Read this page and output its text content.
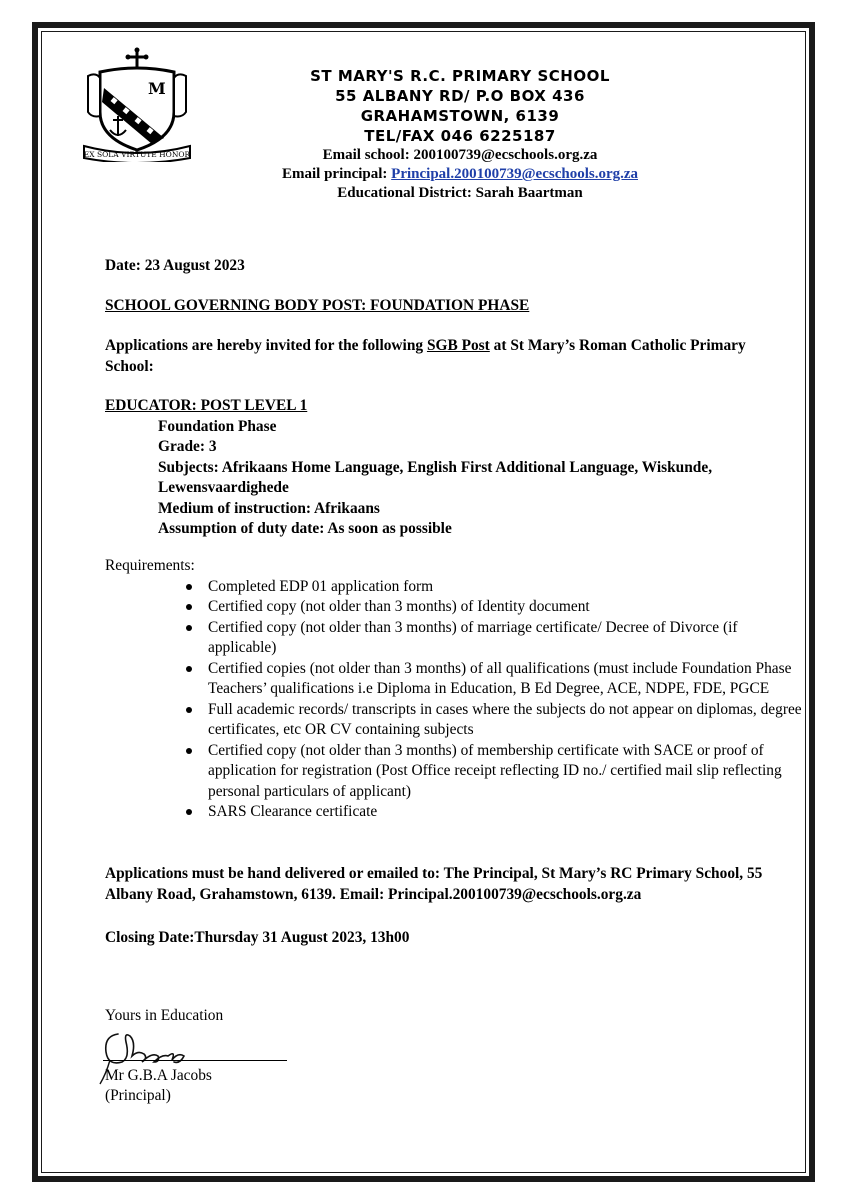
M
EX SOLA VIRTUTE HONOR
ST MARY'S R.C. PRIMARY SCHOOL
55 ALBANY RD/ P.O BOX 436
GRAHAMSTOWN, 6139
TEL/FAX 046 6225187
Email school: 200100739@ecschools.org.za
Email principal: Principal.200100739@ecschools.org.za
Educational District: Sarah Baartman
Date: 23 August 2023
SCHOOL GOVERNING BODY POST: FOUNDATION PHASE
Applications are hereby invited for the following SGB Post at St Mary’s Roman Catholic Primary School:
EDUCATOR: POST LEVEL 1
Foundation Phase
Grade: 3
Subjects: Afrikaans Home Language, English First Additional Language, Wiskunde, Lewensvaardighede
Medium of instruction: Afrikaans
Assumption of duty date: As soon as possible
Requirements:
Completed EDP 01 application form
Certified copy (not older than 3 months) of Identity document
Certified copy (not older than 3 months) of marriage certificate/ Decree of Divorce (if applicable)
Certified copies (not older than 3 months) of all qualifications (must include Foundation Phase Teachers’ qualifications i.e Diploma in Education, B Ed Degree, ACE, NDPE, FDE, PGCE
Full academic records/ transcripts in cases where the subjects do not appear on diplomas, degree certificates, etc OR CV containing subjects
Certified copy (not older than 3 months) of membership certificate with SACE or proof of application for registration (Post Office receipt reflecting ID no./ certified mail slip reflecting personal particulars of applicant)
SARS Clearance certificate
Applications must be hand delivered or emailed to: The Principal, St Mary’s RC Primary School, 55 Albany Road, Grahamstown, 6139. Email: Principal.200100739@ecschools.org.za
Closing Date:Thursday 31 August 2023, 13h00
Yours in Education
Mr G.B.A Jacobs
(Principal)
